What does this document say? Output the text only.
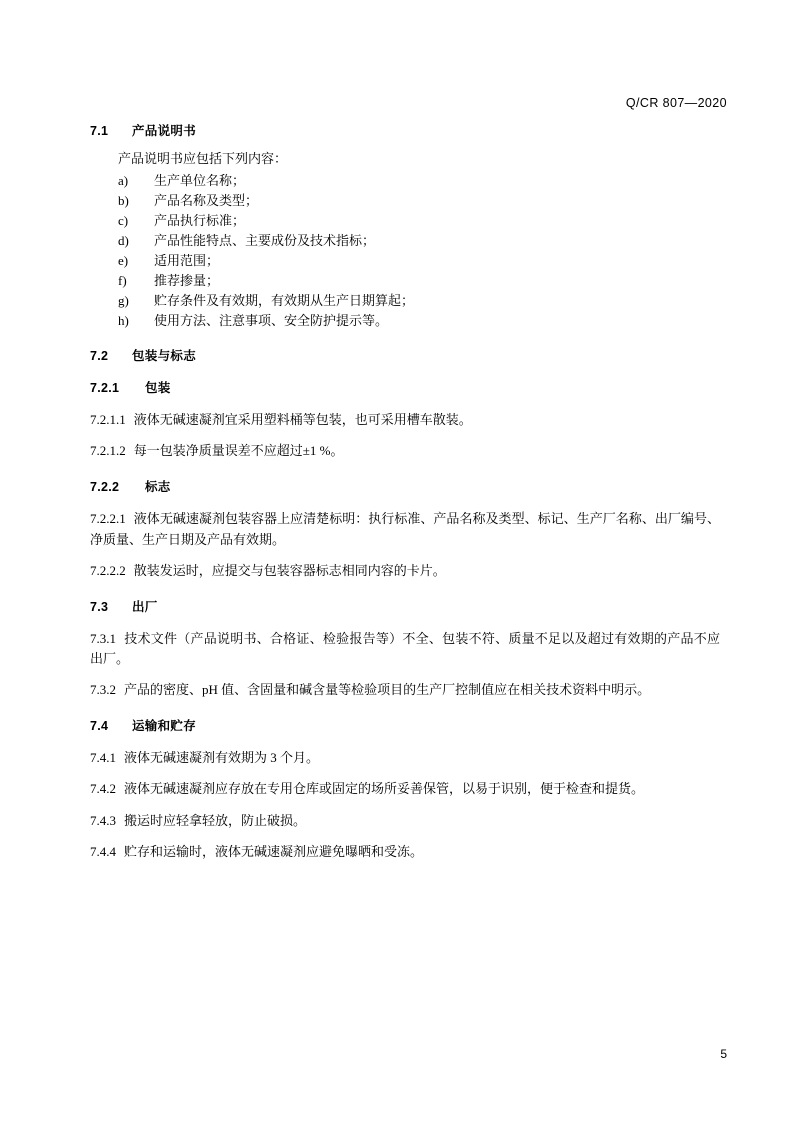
Q/CR 807—2020
7.1 产品说明书
产品说明书应包括下列内容：
a)	生产单位名称；
b)	产品名称及类型；
c)	产品执行标准；
d)	产品性能特点、主要成份及技术指标；
e)	适用范围；
f)	推荐掺量；
g)	贮存条件及有效期，有效期从生产日期算起；
h)	使用方法、注意事项、安全防护提示等。
7.2 包装与标志
7.2.1 包装

7.2.1.1 液体无碱速凝剂宜采用塑料桶等包装，也可采用槽车散装。

7.2.1.2 每一包装净质量误差不应超过±1 %。

7.2.2 标志

7.2.2.1 液体无碱速凝剂包装容器上应清楚标明：执行标准、产品名称及类型、标记、生产厂名称、出厂编号、净质量、生产日期及产品有效期。

7.2.2.2 散装发运时，应提交与包装容器标志相同内容的卡片。

7.3 出厂

7.3.1 技术文件（产品说明书、合格证、检验报告等）不全、包装不符、质量不足以及超过有效期的产品不应出厂。

7.3.2 产品的密度、pH 值、含固量和碱含量等检验项目的生产厂控制值应在相关技术资料中明示。

7.4 运输和贮存

7.4.1 液体无碱速凝剂有效期为 3 个月。

7.4.2 液体无碱速凝剂应存放在专用仓库或固定的场所妥善保管，以易于识别，便于检查和提货。

7.4.3 搬运时应轻拿轻放，防止破损。

7.4.4 贮存和运输时，液体无碱速凝剂应避免曝晒和受冻。

5
